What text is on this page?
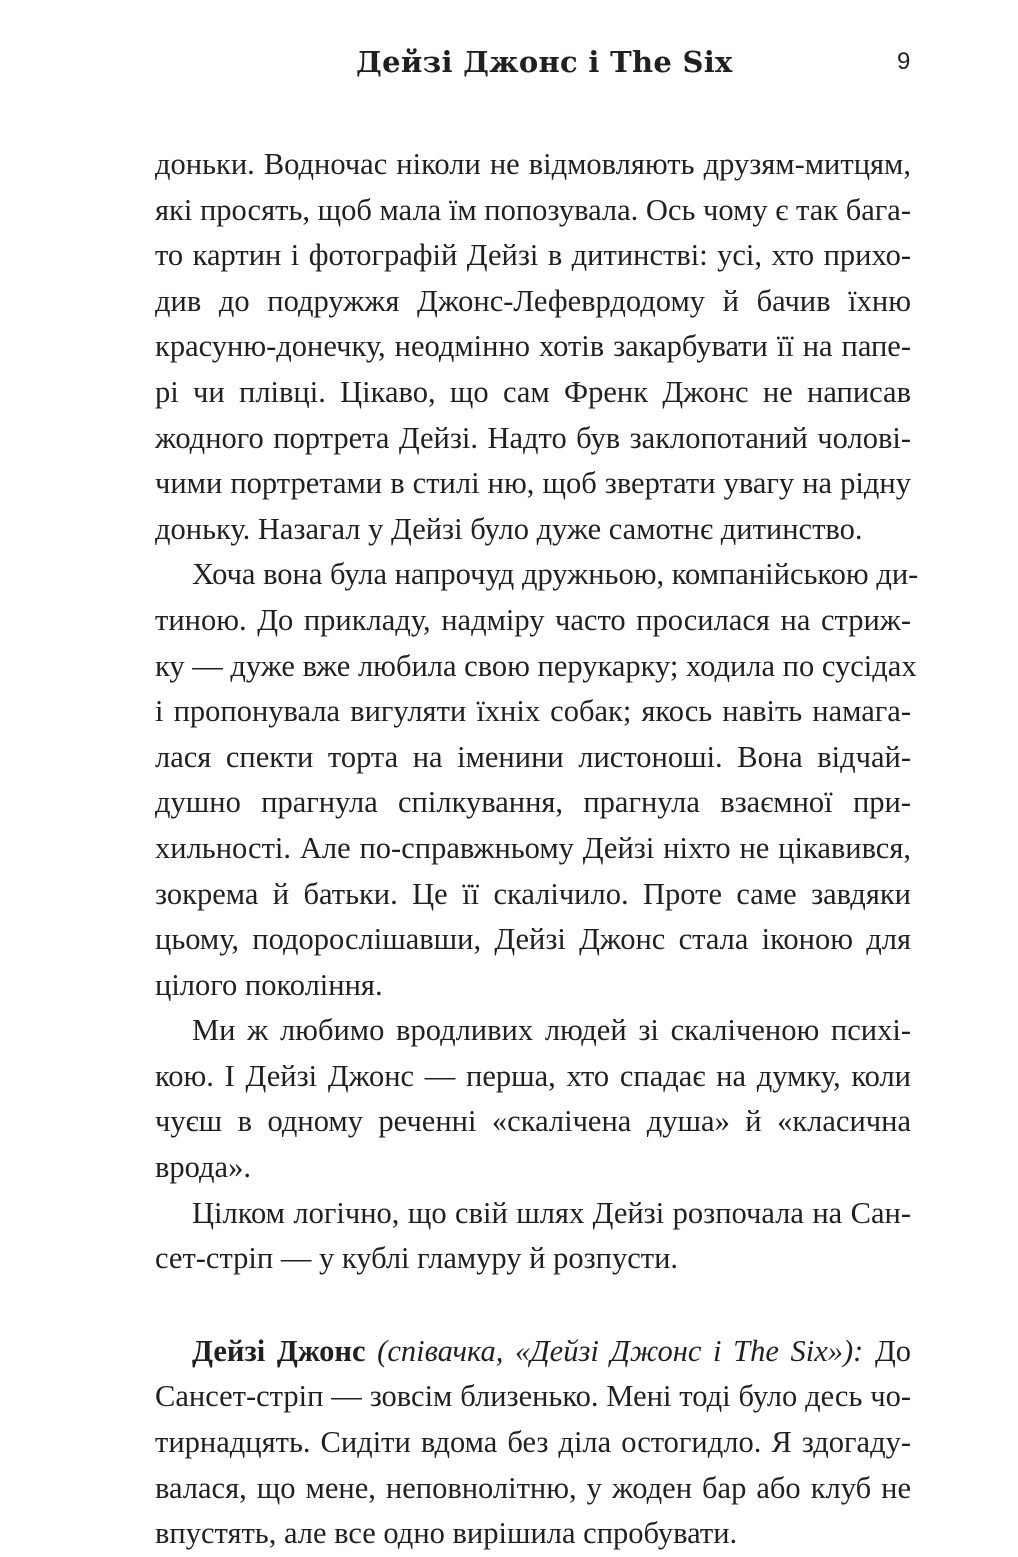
Дейзі Джонс і The Six	9
доньки. Водночас ніколи не відмовляють друзям-митцям,
які просять, щоб мала їм попозувала. Ось чому є так бага-
то картин і фотографій Дейзі в дитинстві: усі, хто прихо-
див до подружжя Джонс-Лефеврдодому й бачив їхню
красуню-донечку, неодмінно хотів закарбувати її на папе-
рі чи плівці. Цікаво, що сам Френк Джонс не написав
жодного портрета Дейзі. Надто був заклопотаний чолові-
чими портретами в стилі ню, щоб звертати увагу на рідну
доньку. Назагал у Дейзі було дуже самотнє дитинство.
Хоча вона була напрочуд дружньою, компанійською ди-
тиною. До прикладу, надміру часто просилася на стриж-
ку — дуже вже любила свою перукарку; ходила по сусідах
і пропонувала вигуляти їхніх собак; якось навіть намага-
лася спекти торта на іменини листоноші. Вона відчай-
душно прагнула спілкування, прагнула взаємної при-
хильності. Але по-справжньому Дейзі ніхто не цікавився,
зокрема й батьки. Це її скалічило. Проте саме завдяки
цьому, подорослішавши, Дейзі Джонс стала іконою для
цілого покоління.
Ми ж любимо вродливих людей зі скаліченою психі-
кою. І Дейзі Джонс — перша, хто спадає на думку, коли
чуєш в одному реченні «скалічена душа» й «класична
врода».
Цілком логічно, що свій шлях Дейзі розпочала на Сан-
сет-стріп — у кублі гламуру й розпусти.
Дейзі Джонс (співачка, «Дейзі Джонс і The Six»): До
Сансет-стріп — зовсім близенько. Мені тоді було десь чо-
тирнадцять. Сидіти вдома без діла остогидло. Я здогаду-
валася, що мене, неповнолітню, у жоден бар або клуб не
впустять, але все одно вирішила спробувати.
